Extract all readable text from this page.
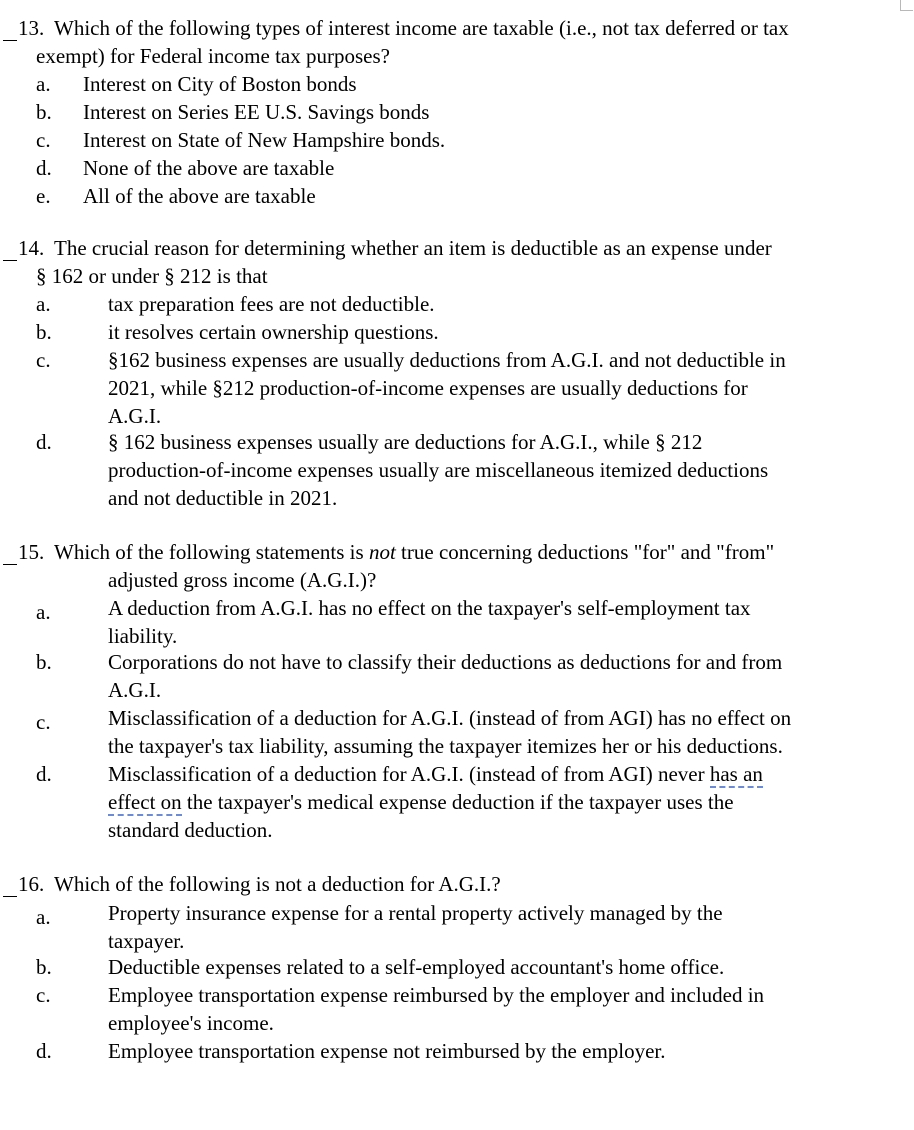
13. Which of the following types of interest income are taxable (i.e., not tax deferred or tax
exempt) for Federal income tax purposes?
a. Interest on City of Boston bonds
b. Interest on Series EE U.S. Savings bonds
c. Interest on State of New Hampshire bonds.
d. None of the above are taxable
e. All of the above are taxable
14. The crucial reason for determining whether an item is deductible as an expense under
§ 162 or under § 212 is that
a.	tax preparation fees are not deductible.
b.	it resolves certain ownership questions.
c.	§162 business expenses are usually deductions from A.G.I. and not deductible in
2021, while §212 production-of-income expenses are usually deductions for
A.G.I.
d.	§ 162 business expenses usually are deductions for A.G.I., while § 212
production-of-income expenses usually are miscellaneous itemized deductions
and not deductible in 2021.
15. Which of the following statements is not true concerning deductions "for" and "from"
adjusted gross income (A.G.I.)?
a.	A deduction from A.G.I. has no effect on the taxpayer's self-employment tax
liability.
b.	Corporations do not have to classify their deductions as deductions for and from
A.G.I.
c.	Misclassification of a deduction for A.G.I. (instead of from AGI) has no effect on
the taxpayer's tax liability, assuming the taxpayer itemizes her or his deductions.
d.	Misclassification of a deduction for A.G.I. (instead of from AGI) never has an
effect on the taxpayer's medical expense deduction if the taxpayer uses the
standard deduction.
16. Which of the following is not a deduction for A.G.I.?
a.	Property insurance expense for a rental property actively managed by the
taxpayer.
b.	Deductible expenses related to a self-employed accountant's home office.
c.	Employee transportation expense reimbursed by the employer and included in
employee's income.
d.	Employee transportation expense not reimbursed by the employer.
